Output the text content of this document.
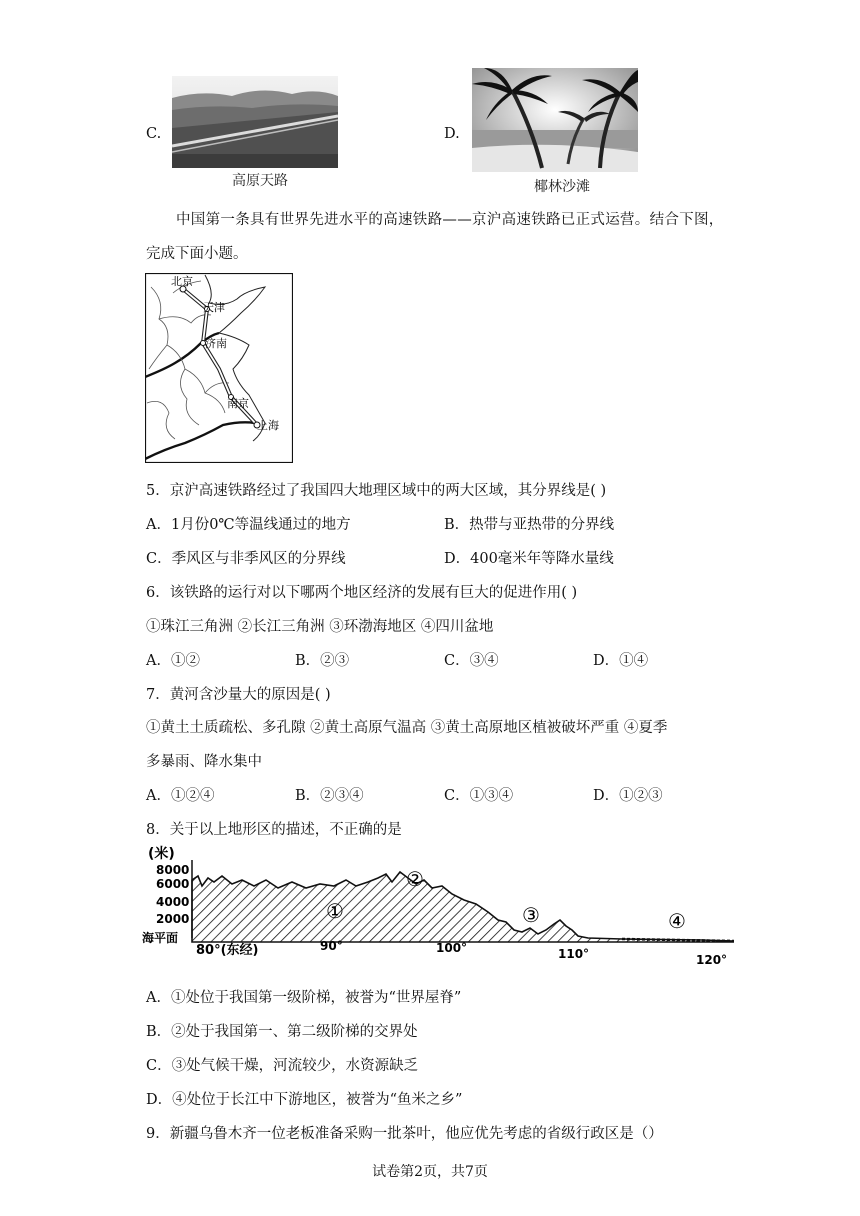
C.
高原天路
D.
椰林沙滩
中国第一条具有世界先进水平的高速铁路——京沪高速铁路已正式运营。结合下图，
完成下面小题。
北京
天津
济南
南京
上海
5．京沪高速铁路经过了我国四大地理区域中的两大区域，其分界线是( )
A．1月份0℃等温线通过的地方	B．热带与亚热带的分界线
C．季风区与非季风区的分界线	D．400毫米年等降水量线
6．该铁路的运行对以下哪两个地区经济的发展有巨大的促进作用( )
①珠江三角洲 ②长江三角洲 ③环渤海地区 ④四川盆地
A．①②	B．②③	C．③④	D．①④
7．黄河含沙量大的原因是( )
①黄土土质疏松、多孔隙 ②黄土高原气温高 ③黄土高原地区植被破坏严重 ④夏季
多暴雨、降水集中
A．①②④	B．②③④	C．①③④	D．①②③
8．关于以上地形区的描述，不正确的是
(米)
8000
6000
4000
2000
海平面
①
②
③	④
80°(东经)	90°	100°	110°	120°
A．①处位于我国第一级阶梯，被誉为“世界屋脊”
B．②处于我国第一、第二级阶梯的交界处
C．③处气候干燥，河流较少，水资源缺乏
D．④处位于长江中下游地区，被誉为“鱼米之乡”
9．新疆乌鲁木齐一位老板准备采购一批茶叶，他应优先考虑的省级行政区是（）
试卷第2页，共7页
